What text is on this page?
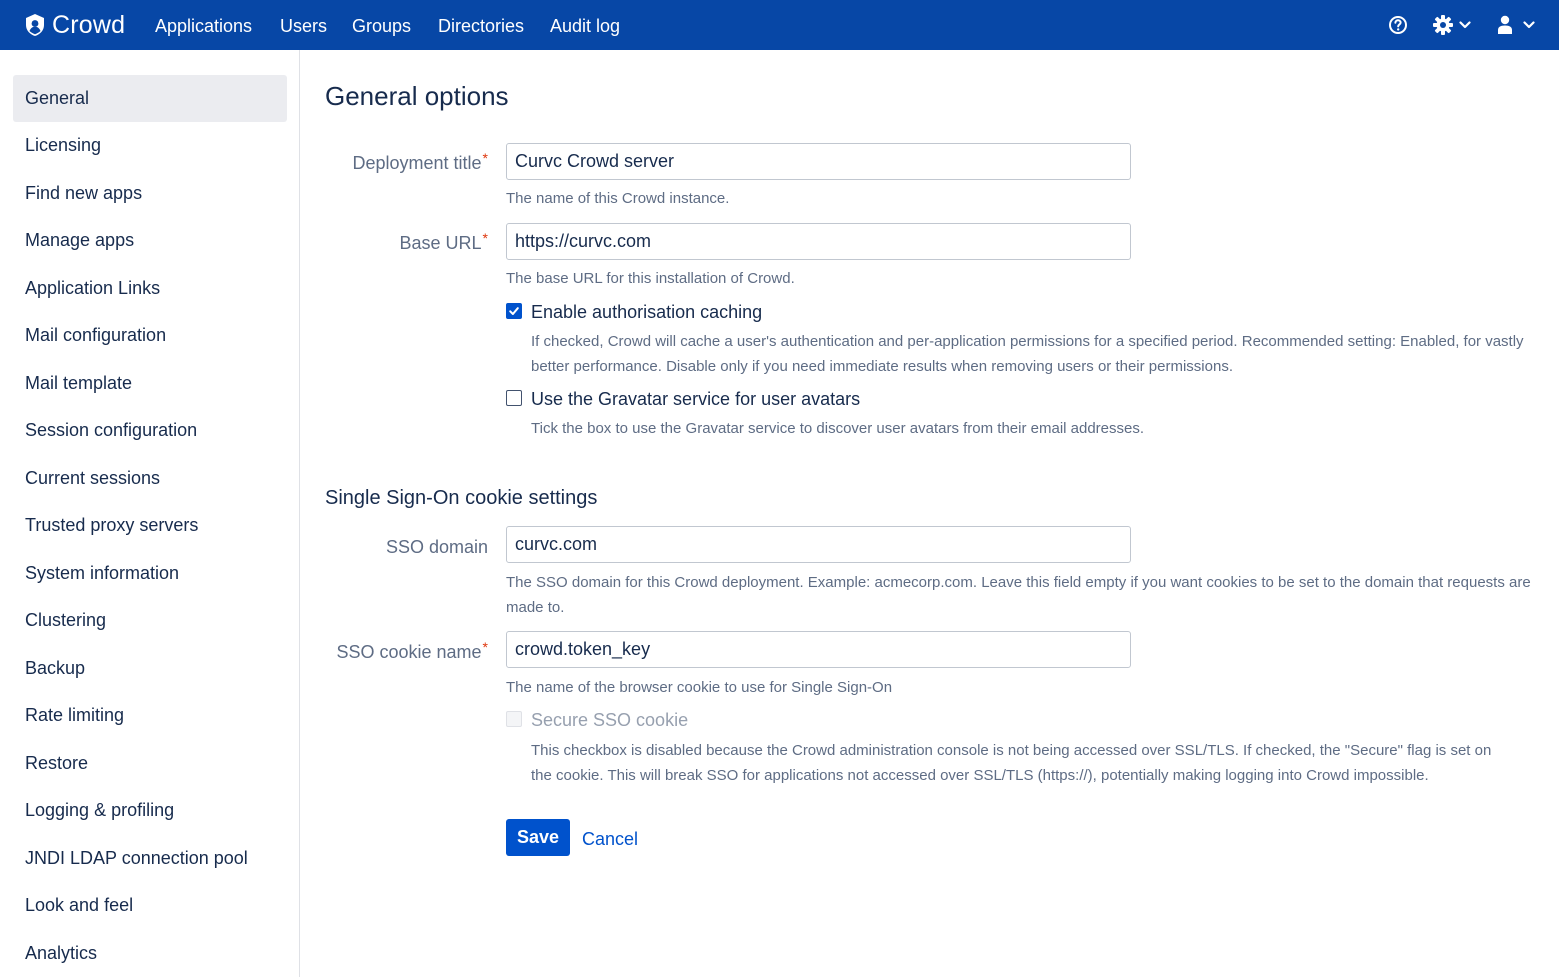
Crowd Applications Users Groups Directories Audit log
General
Licensing
Find new apps
Manage apps
Application Links
Mail configuration
Mail template
Session configuration
Current sessions
Trusted proxy servers
System information
Clustering
Backup
Rate limiting
Restore
Logging & profiling
JNDI LDAP connection pool
Look and feel
Analytics
General options
Deployment title*
Curvc Crowd server
The name of this Crowd instance.
Base URL*
https://curvc.com
The base URL for this installation of Crowd.
Enable authorisation caching
If checked, Crowd will cache a user's authentication and per-application permissions for a specified period. Recommended setting: Enabled, for vastly better performance. Disable only if you need immediate results when removing users or their permissions.
Use the Gravatar service for user avatars
Tick the box to use the Gravatar service to discover user avatars from their email addresses.
Single Sign-On cookie settings
SSO domain
curvc.com
The SSO domain for this Crowd deployment. Example: acmecorp.com. Leave this field empty if you want cookies to be set to the domain that requests are made to.
SSO cookie name*
crowd.token_key
The name of the browser cookie to use for Single Sign-On
Secure SSO cookie
This checkbox is disabled because the Crowd administration console is not being accessed over SSL/TLS. If checked, the "Secure" flag is set on the cookie. This will break SSO for applications not accessed over SSL/TLS (https://), potentially making logging into Crowd impossible.
Save	Cancel
